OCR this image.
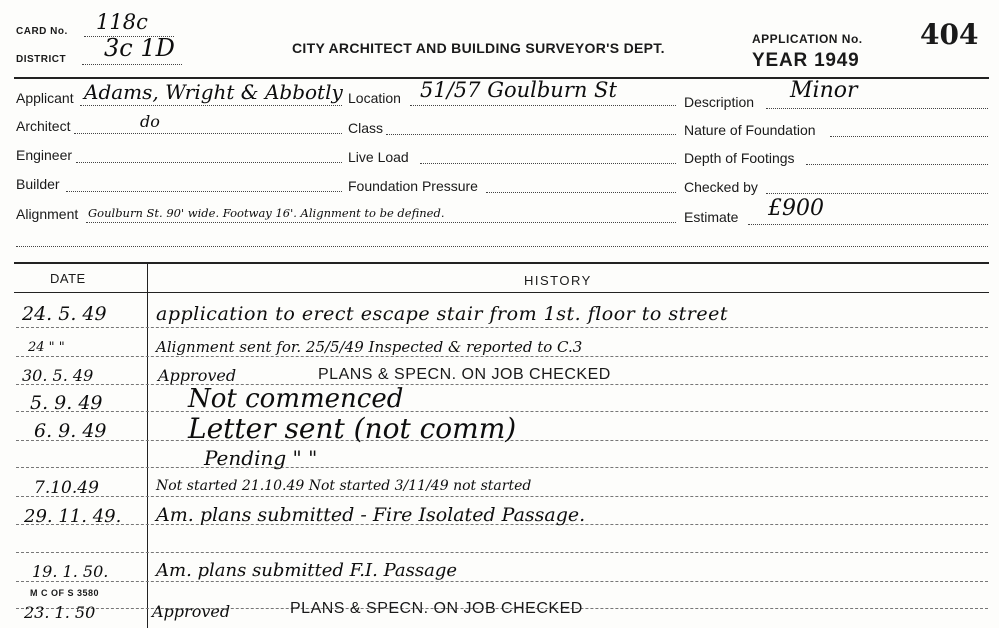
CARD No. 118c
DISTRICT 3c 1D	CITY ARCHITECT AND BUILDING SURVEYOR'S DEPT.
APPLICATION No. 404
YEAR 1949
Applicant Adams, Wright & Abbotly Location 51/57 Goulburn St	Description Minor
Architect	do	Class	Nature of Foundation
Engineer	Live Load	Depth of Footings
Builder	Foundation Pressure	Checked by
Alignment Goulburn St. 90' wide. Footway 16'. Alignment to be defined.	Estimate £900
DATE	HISTORY
24. 5. 49	application to erect escape stair from 1st. floor to street
24 " "	Alignment sent for. 25/5/49 Inspected & reported to C.3
30. 5. 49	Approved	PLANS & SPECN. ON JOB CHECKED
5. 9. 49	Not commenced
6. 9. 49	Letter sent (not comm)
Pending " "
7.10.49	Not started 21.10.49 Not started 3/11/49 not started
29. 11. 49. Am. plans submitted - Fire Isolated Passage.
19. 1. 50.	Am. plans submitted F.I. Passage
M C OF S 3580
23. 1. 50	Approved	PLANS & SPECN. ON JOB CHECKED
